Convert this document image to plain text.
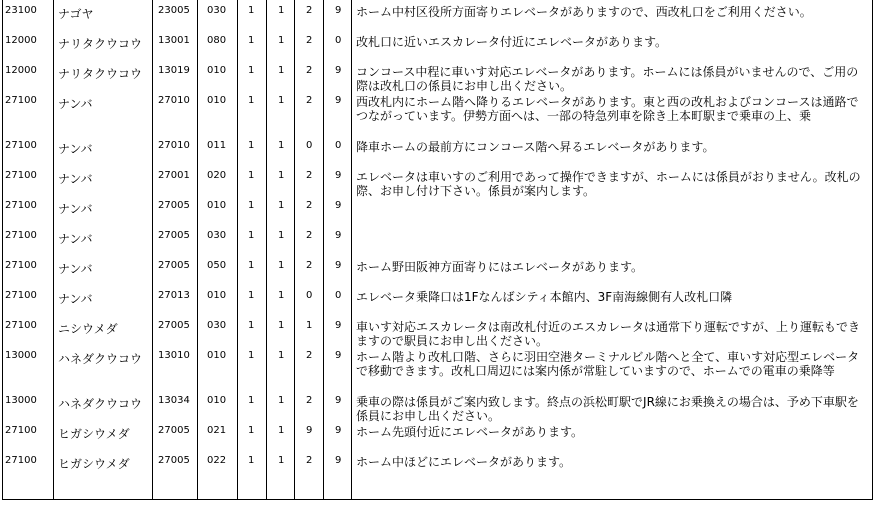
23100 ナゴヤ	23005 030 1 1 2 9 ホーム中村区役所方面寄りエレベータがありますので、西改札口をご利用ください。
12000 ナリタクウコウ 13001 080 1 1 2 0 改札口に近いエスカレータ付近にエレベータがあります。
12000 ナリタクウコウ 13019 010 1 1 2 9 コンコース中程に車いす対応エレベータがあります。ホームには係員がいませんので、ご用の際は改札口の係員にお申し出ください。
27100 ナンバ	27010 010 1 1 2 9 西改札内にホーム階へ降りるエレベータがあります。東と西の改札およびコンコースは通路でつながっています。伊勢方面へは、一部の特急列車を除き上本町駅まで乗車の上、乗
27100 ナンバ	27010 011 1 1 0 0 降車ホームの最前方にコンコース階へ昇るエレベータがあります。
27100 ナンバ	27001 020 1 1 2 9 エレベータは車いすのご利用であって操作できますが、ホームには係員がおりません。改札の際、お申し付け下さい。係員が案内します。
27100 ナンバ	27005 010 1 1 2 9
27100 ナンバ	27005 030 1 1 2 9
27100 ナンバ	27005 050 1 1 2 9 ホーム野田阪神方面寄りにはエレベータがあります。
27100 ナンバ	27013 010 1 1 0 0 エレベータ乗降口は1Fなんばシティ本館内、3F南海線側有人改札口隣
27100 ニシウメダ	27005 030 1 1 1 9 車いす対応エスカレータは南改札付近のエスカレータは通常下り運転ですが、上り運転もできますので駅員にお申し出ください。
13000 ハネダクウコウ 13010 010 1 1 2 9 ホーム階より改札口階、さらに羽田空港ターミナルビル階へと全て、車いす対応型エレベータで移動できます。改札口周辺には案内係が常駐していますので、ホームでの電車の乗降等
13000 ハネダクウコウ 13034 010 1 1 2 9 乗車の際は係員がご案内致します。終点の浜松町駅でJR線にお乗換えの場合は、予め下車駅を係員にお申し出ください。
27100 ヒガシウメダ	27005 021 1 1 9 9 ホーム先頭付近にエレベータがあります。
27100 ヒガシウメダ	27005 022 1 1 2 9 ホーム中ほどにエレベータがあります。
